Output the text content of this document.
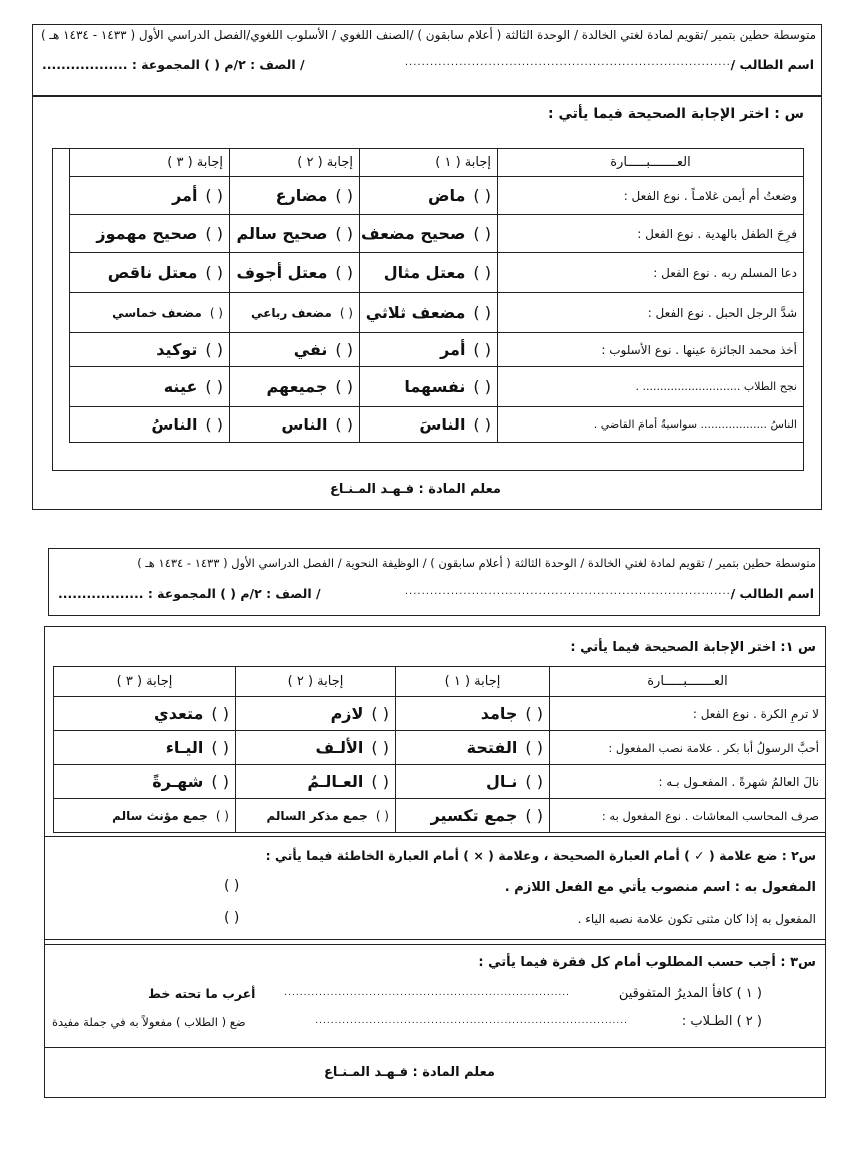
متوسطة حطين بتمير /تقويم لمادة لغتي الخالدة / الوحدة الثالثة ( أعلام سابقون ) /الصنف اللغوي / الأسلوب اللغوي/الفصل الدراسي الأول ( ١٤٣٣ - ١٤٣٤ هـ )
اسم الطالب /
...............................................................................
/ الصف : ٢/م ( ) المجموعة : ..................
س : اختر الإجابة الصحيحة فيما يأتي :
العـــــــبـــــارة	إجابة ( ١ )	إجابة ( ٢ )	إجابة ( ٣ )
وضعتُ أم أيمن غلامـاً . نوع الفعل :	( )ماض	( )مضارع	( )أمر
فرِحَ الطفل بالهدية . نوع الفعل :	( )صحيح مضعف	( )صحيح سالم	( )صحيح مهموز
دعا المسلم ربه . نوع الفعل :	( )معتل مثال	( )معتل أجوف	( )معتل ناقص
شدَّ الرجل الحبل . نوع الفعل :	( )مضعف ثلاثي	( )مضعف رباعي	( )مضعف خماسي
أخذ محمد الجائزة عينها . نوع الأسلوب :	( )أمر	( )نفي	( )توكيد
نجح الطلاب ............................ .	( )نفسهما	( )جميعهم	( )عينه
الناسُ ................... سواسيةٌ أمامَ القاضي .	( )الناسَ	( )الناس	( )الناسُ
معلم المادة : فـهـد المـنـاع
متوسطة حطين بتمير / تقويم لمادة لغتي الخالدة / الوحدة الثالثة ( أعلام سابقون ) / الوظيفة النحوية / الفصل الدراسي الأول ( ١٤٣٣ - ١٤٣٤ هـ )
اسم الطالب /
...............................................................................
/ الصف : ٢/م ( ) المجموعة : ..................
س ١: اختر الإجابة الصحيحة فيما يأتي :
العـــــــبـــــارة	إجابة ( ١ )	إجابة ( ٢ )	إجابة ( ٣ )
لا ترمِ الكرة . نوع الفعل :	( )جامد	( )لازم	( )متعدي
أحبَّ الرسولُ أبا بكر . علامة نصب المفعول :	( )الفتحة	( )الألـف	( )اليـاء
نالَ العالمُ شهرةً . المفعـول بـه :	( )نـال	( )العـالـمُ	( )شهـرةً
صرف المحاسب المعاشات . نوع المفعول به :	( )جمع تكسير	( )جمع مذكر السالم	( )جمع مؤنث سالم
س٢ : ضع علامة ( ✓ ) أمام العبارة الصحيحة ، وعلامة ( × ) أمام العبارة الخاطئة فيما يأتي :
المفعول به : اسم منصوب يأتي مع الفعل اللازم .
( )
المفعول به إذا كان مثنى تكون علامة نصبه الياء .
( )
س٣ : أجب حسب المطلوب أمام كل فقرة فيما يأتي :
( ١ ) كافأ المديرُ المتفوقين
..........................................................................
أعرب ما تحته خط
( ٢ ) الطـلاب :
.................................................................................
ضع ( الطلاب ) مفعولاً به في جملة مفيدة
معلم المادة : فـهـد المـنـاع
